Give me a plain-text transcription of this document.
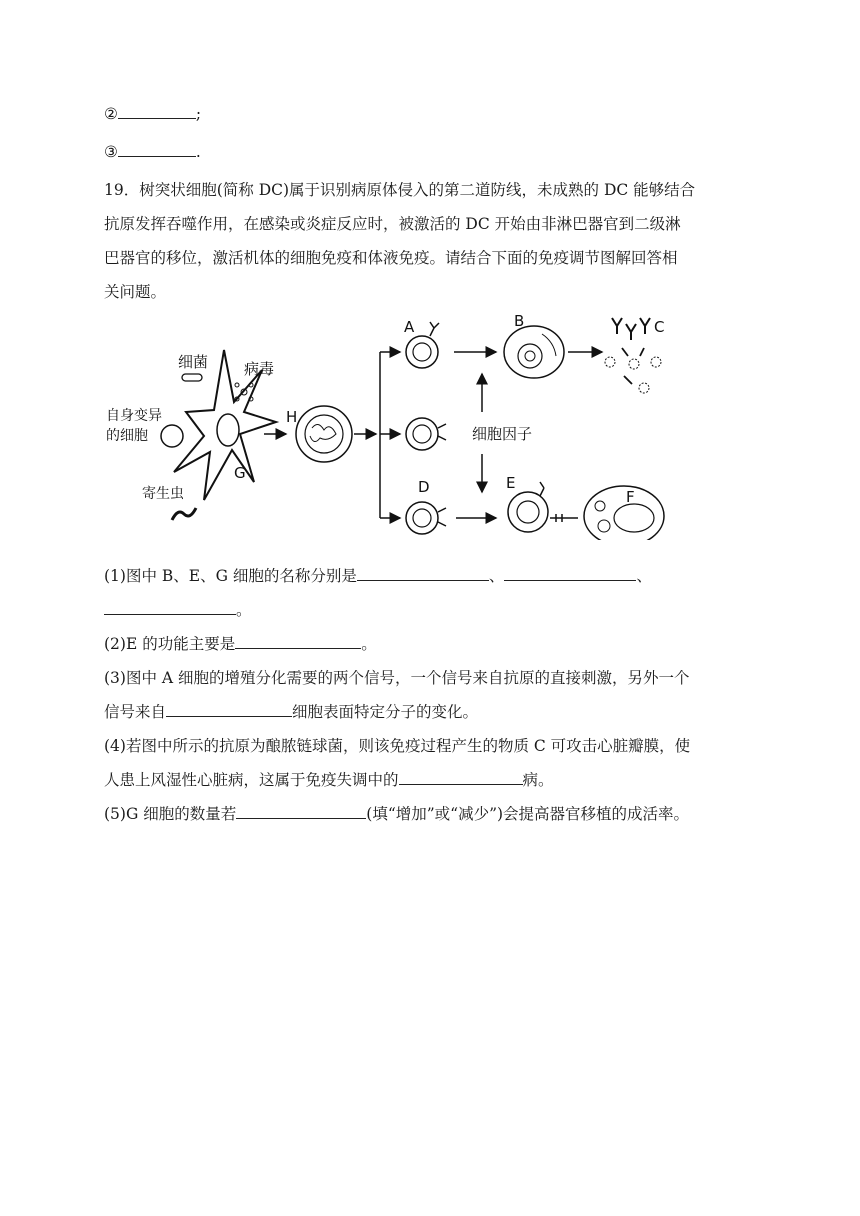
②	;
③	.
19．树突状细胞(简称 DC)属于识别病原体侵入的第二道防线，未成熟的 DC 能够结合
抗原发挥吞噬作用，在感染或炎症反应时，被激活的 DC 开始由非淋巴器官到二级淋
巴器官的移位，激活机体的细胞免疫和体液免疫。请结合下面的免疫调节图解回答相
关问题。
细菌 病毒
自身变异
的细胞
寄生虫
G
H
A	B	C
细胞因子
D	E
F
(1)图中 B、E、G 细胞的名称分别是	、	、
。
(2)E 的功能主要是	。
(3)图中 A 细胞的增殖分化需要的两个信号，一个信号来自抗原的直接刺激，另外一个
信号来自	细胞表面特定分子的变化。
(4)若图中所示的抗原为酿脓链球菌，则该免疫过程产生的物质 C 可攻击心脏瓣膜，使
人患上风湿性心脏病，这属于免疫失调中的	病。
(5)G 细胞的数量若	(填“增加”或“减少”)会提高器官移植的成活率。
